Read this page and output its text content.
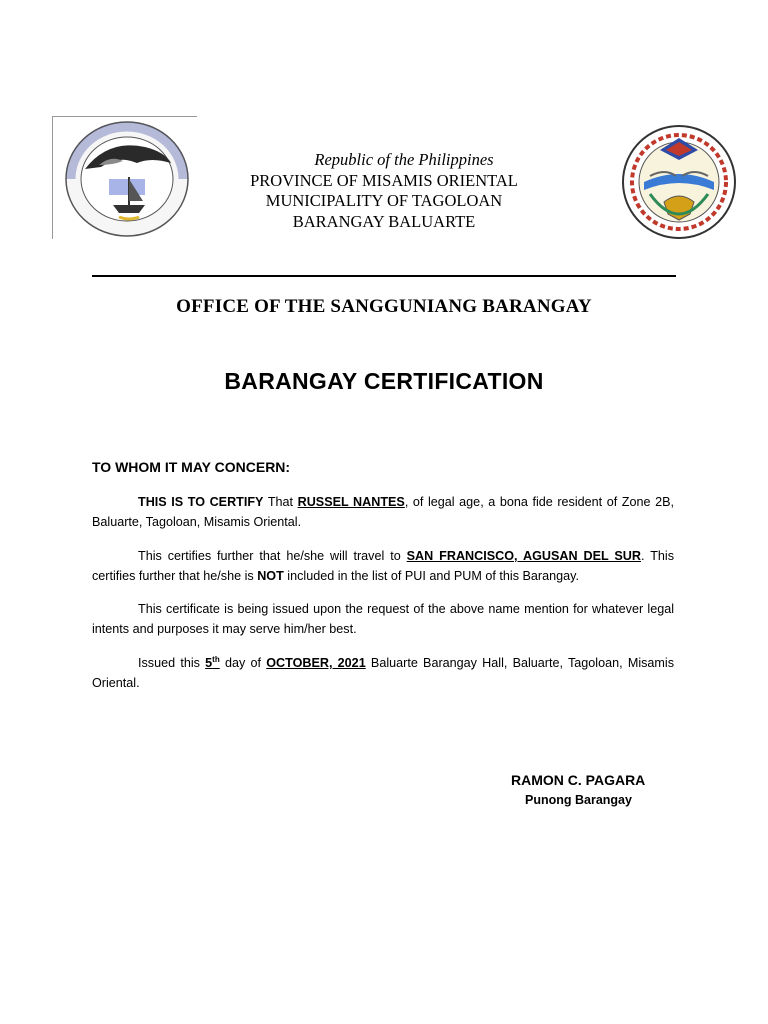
Republic of the Philippines
PROVINCE OF MISAMIS ORIENTAL
MUNICIPALITY OF TAGOLOAN
BARANGAY BALUARTE
OFFICE OF THE SANGGUNIANG BARANGAY
BARANGAY CERTIFICATION
TO WHOM IT MAY CONCERN:
THIS IS TO CERTIFY That RUSSEL NANTES, of legal age, a bona fide resident of Zone 2B, Baluarte, Tagoloan, Misamis Oriental.
This certifies further that he/she will travel to SAN FRANCISCO, AGUSAN DEL SUR. This certifies further that he/she is NOT included in the list of PUI and PUM of this Barangay.
This certificate is being issued upon the request of the above name mention for whatever legal intents and purposes it may serve him/her best.
Issued this 5th day of OCTOBER, 2021 Baluarte Barangay Hall, Baluarte, Tagoloan, Misamis Oriental.
RAMON C. PAGARA
Punong Barangay
